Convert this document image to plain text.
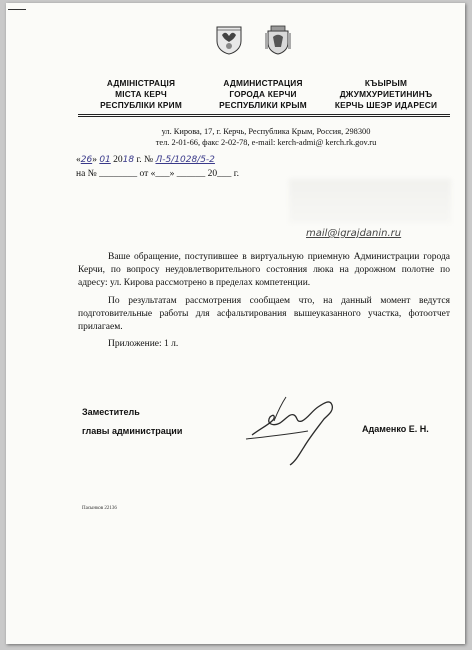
АДМІНІСТРАЦІЯ
МІСТА КЕРЧ
РЕСПУБЛІКИ КРИМ
АДМИНИСТРАЦИЯ
ГОРОДА КЕРЧИ
РЕСПУБЛИКИ КРЫМ
КЪЫРЫМ
ДЖУМХУРИЕТИНИНЪ
КЕРЧЬ ШЕЭР ИДАРЕСИ
ул. Кирова, 17, г. Керчь, Республика Крым, Россия, 298300
тел. 2-01-66, факс 2-02-78, e-mail: kerch-admi@ kerch.rk.gov.ru
«26» 01 2018 г. № Л-5/1028/5-2
на № ________ от «___» ______ 20___ г.
mail@igrajdanin.ru

Ваше обращение, поступившее в виртуальную приемную Администрации города Керчи, по вопросу неудовлетворительного состояния люка на дорожном полотне по адресу: ул. Кирова рассмотрено в пределах компетенции.

По результатам рассмотрения сообщаем что, на данный момент ведутся подготовительные работы для асфальтирования вышеуказанного участка, фотоотчет прилагаем.

Приложение: 1 л.

Заместитель
главы администрации	Адаменко Е. Н.
Пасынков 22136
